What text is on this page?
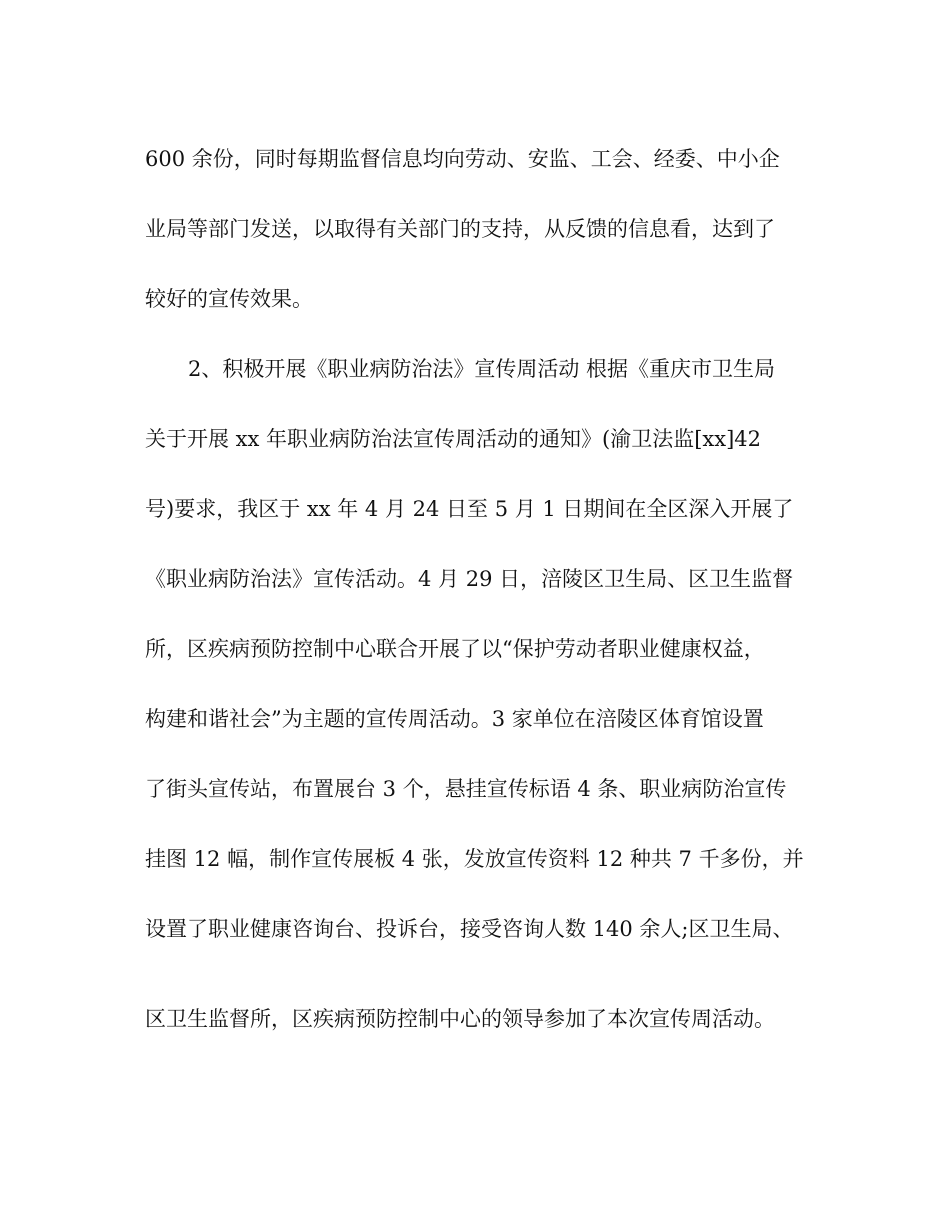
600 余份，同时每期监督信息均向劳动、安监、工会、经委、中小企
业局等部门发送，以取得有关部门的支持，从反馈的信息看，达到了
较好的宣传效果。
2、积极开展《职业病防治法》宣传周活动 根据《重庆市卫生局
关于开展 xx 年职业病防治法宣传周活动的通知》(渝卫法监[xx]42
号)要求，我区于 xx 年 4 月 24 日至 5 月 1 日期间在全区深入开展了
《职业病防治法》宣传活动。4 月 29 日，涪陵区卫生局、区卫生监督
所，区疾病预防控制中心联合开展了以“保护劳动者职业健康权益，
构建和谐社会”为主题的宣传周活动。3 家单位在涪陵区体育馆设置
了街头宣传站，布置展台 3 个，悬挂宣传标语 4 条、职业病防治宣传
挂图 12 幅，制作宣传展板 4 张，发放宣传资料 12 种共 7 千多份，并
设置了职业健康咨询台、投诉台，接受咨询人数 140 余人;区卫生局、
区卫生监督所，区疾病预防控制中心的领导参加了本次宣传周活动。
